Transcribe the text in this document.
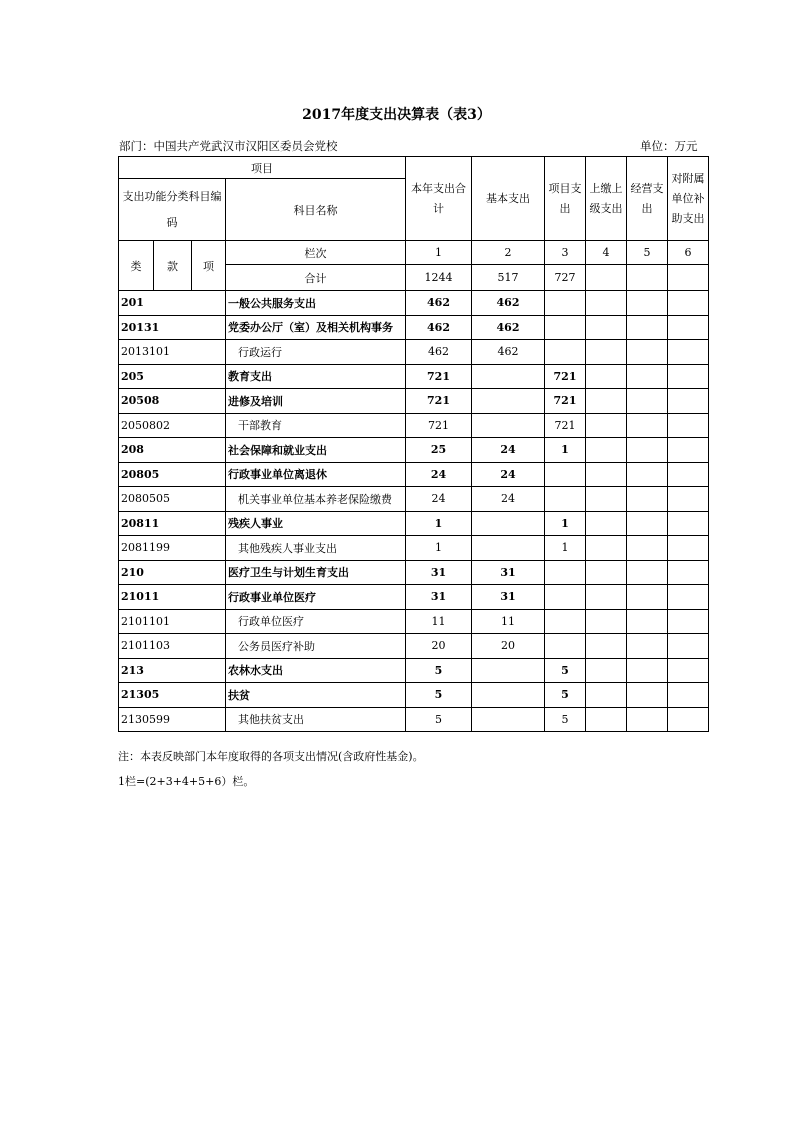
2017年度支出决算表（表3）
部门：中国共产党武汉市汉阳区委员会党校	单位：万元
项目				本年支出合计	基本支出	项目支出	上缴上级支出	经营支出	对附属单位补助支出
支出功能分类科目编码			科目名称						

类	款	项	栏次	1	2	3	4	5	6
			合计	1244	517	727			
201			一般公共服务支出	462	462				
20131			党委办公厅（室）及相关机构事务	462	462				
2013101			行政运行	462	462				
205			教育支出	721		721			
20508			进修及培训	721		721			
2050802			干部教育	721		721			
208			社会保障和就业支出	25	24	1			
20805			行政事业单位离退休	24	24				
2080505			机关事业单位基本养老保险缴费	24	24				
20811			残疾人事业	1		1			
2081199			其他残疾人事业支出	1		1			
210			医疗卫生与计划生育支出	31	31				
21011			行政事业单位医疗	31	31				
2101101			行政单位医疗	11	11				
2101103			公务员医疗补助	20	20				
213			农林水支出	5		5			
21305			扶贫	5		5			
2130599			其他扶贫支出	5		5			
注：本表反映部门本年度取得的各项支出情况(含政府性基金)。
1栏=(2+3+4+5+6）栏。
